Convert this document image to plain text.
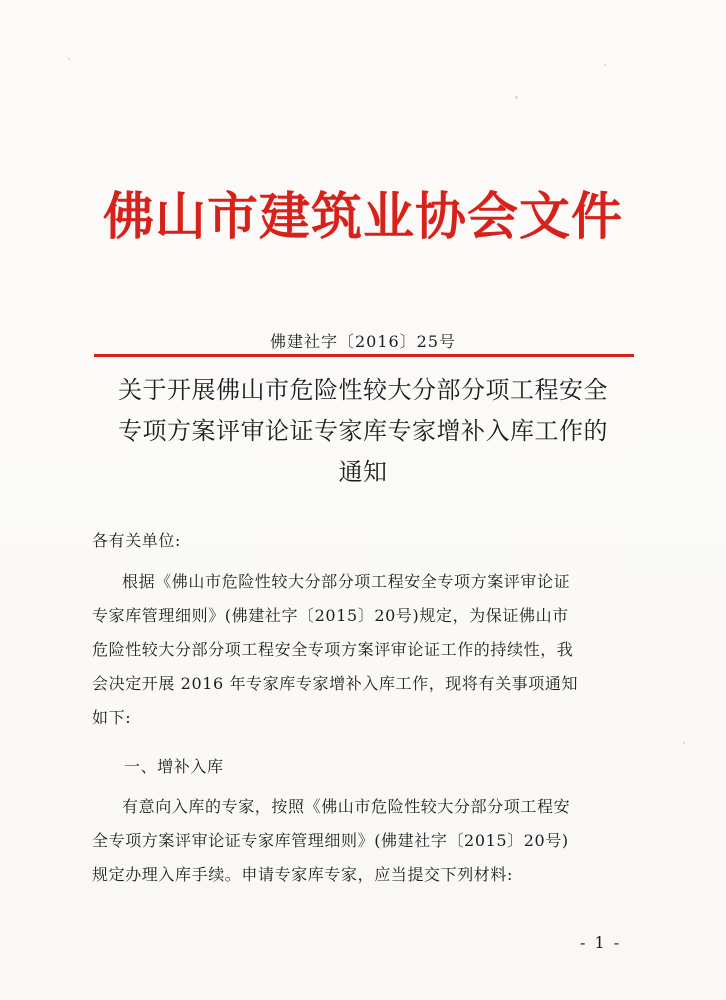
佛山市建筑业协会文件
佛建社字〔2016〕25号
关于开展佛山市危险性较大分部分项工程安全
专项方案评审论证专家库专家增补入库工作的
通知
各有关单位:
根据《佛山市危险性较大分部分项工程安全专项方案评审论证
专家库管理细则》(佛建社字〔2015〕20号)规定，为保证佛山市
危险性较大分部分项工程安全专项方案评审论证工作的持续性，我
会决定开展 2016 年专家库专家增补入库工作，现将有关事项通知
如下:
一、增补入库
有意向入库的专家，按照《佛山市危险性较大分部分项工程安
全专项方案评审论证专家库管理细则》(佛建社字〔2015〕20号)
规定办理入库手续。申请专家库专家，应当提交下列材料:
- 1 -
